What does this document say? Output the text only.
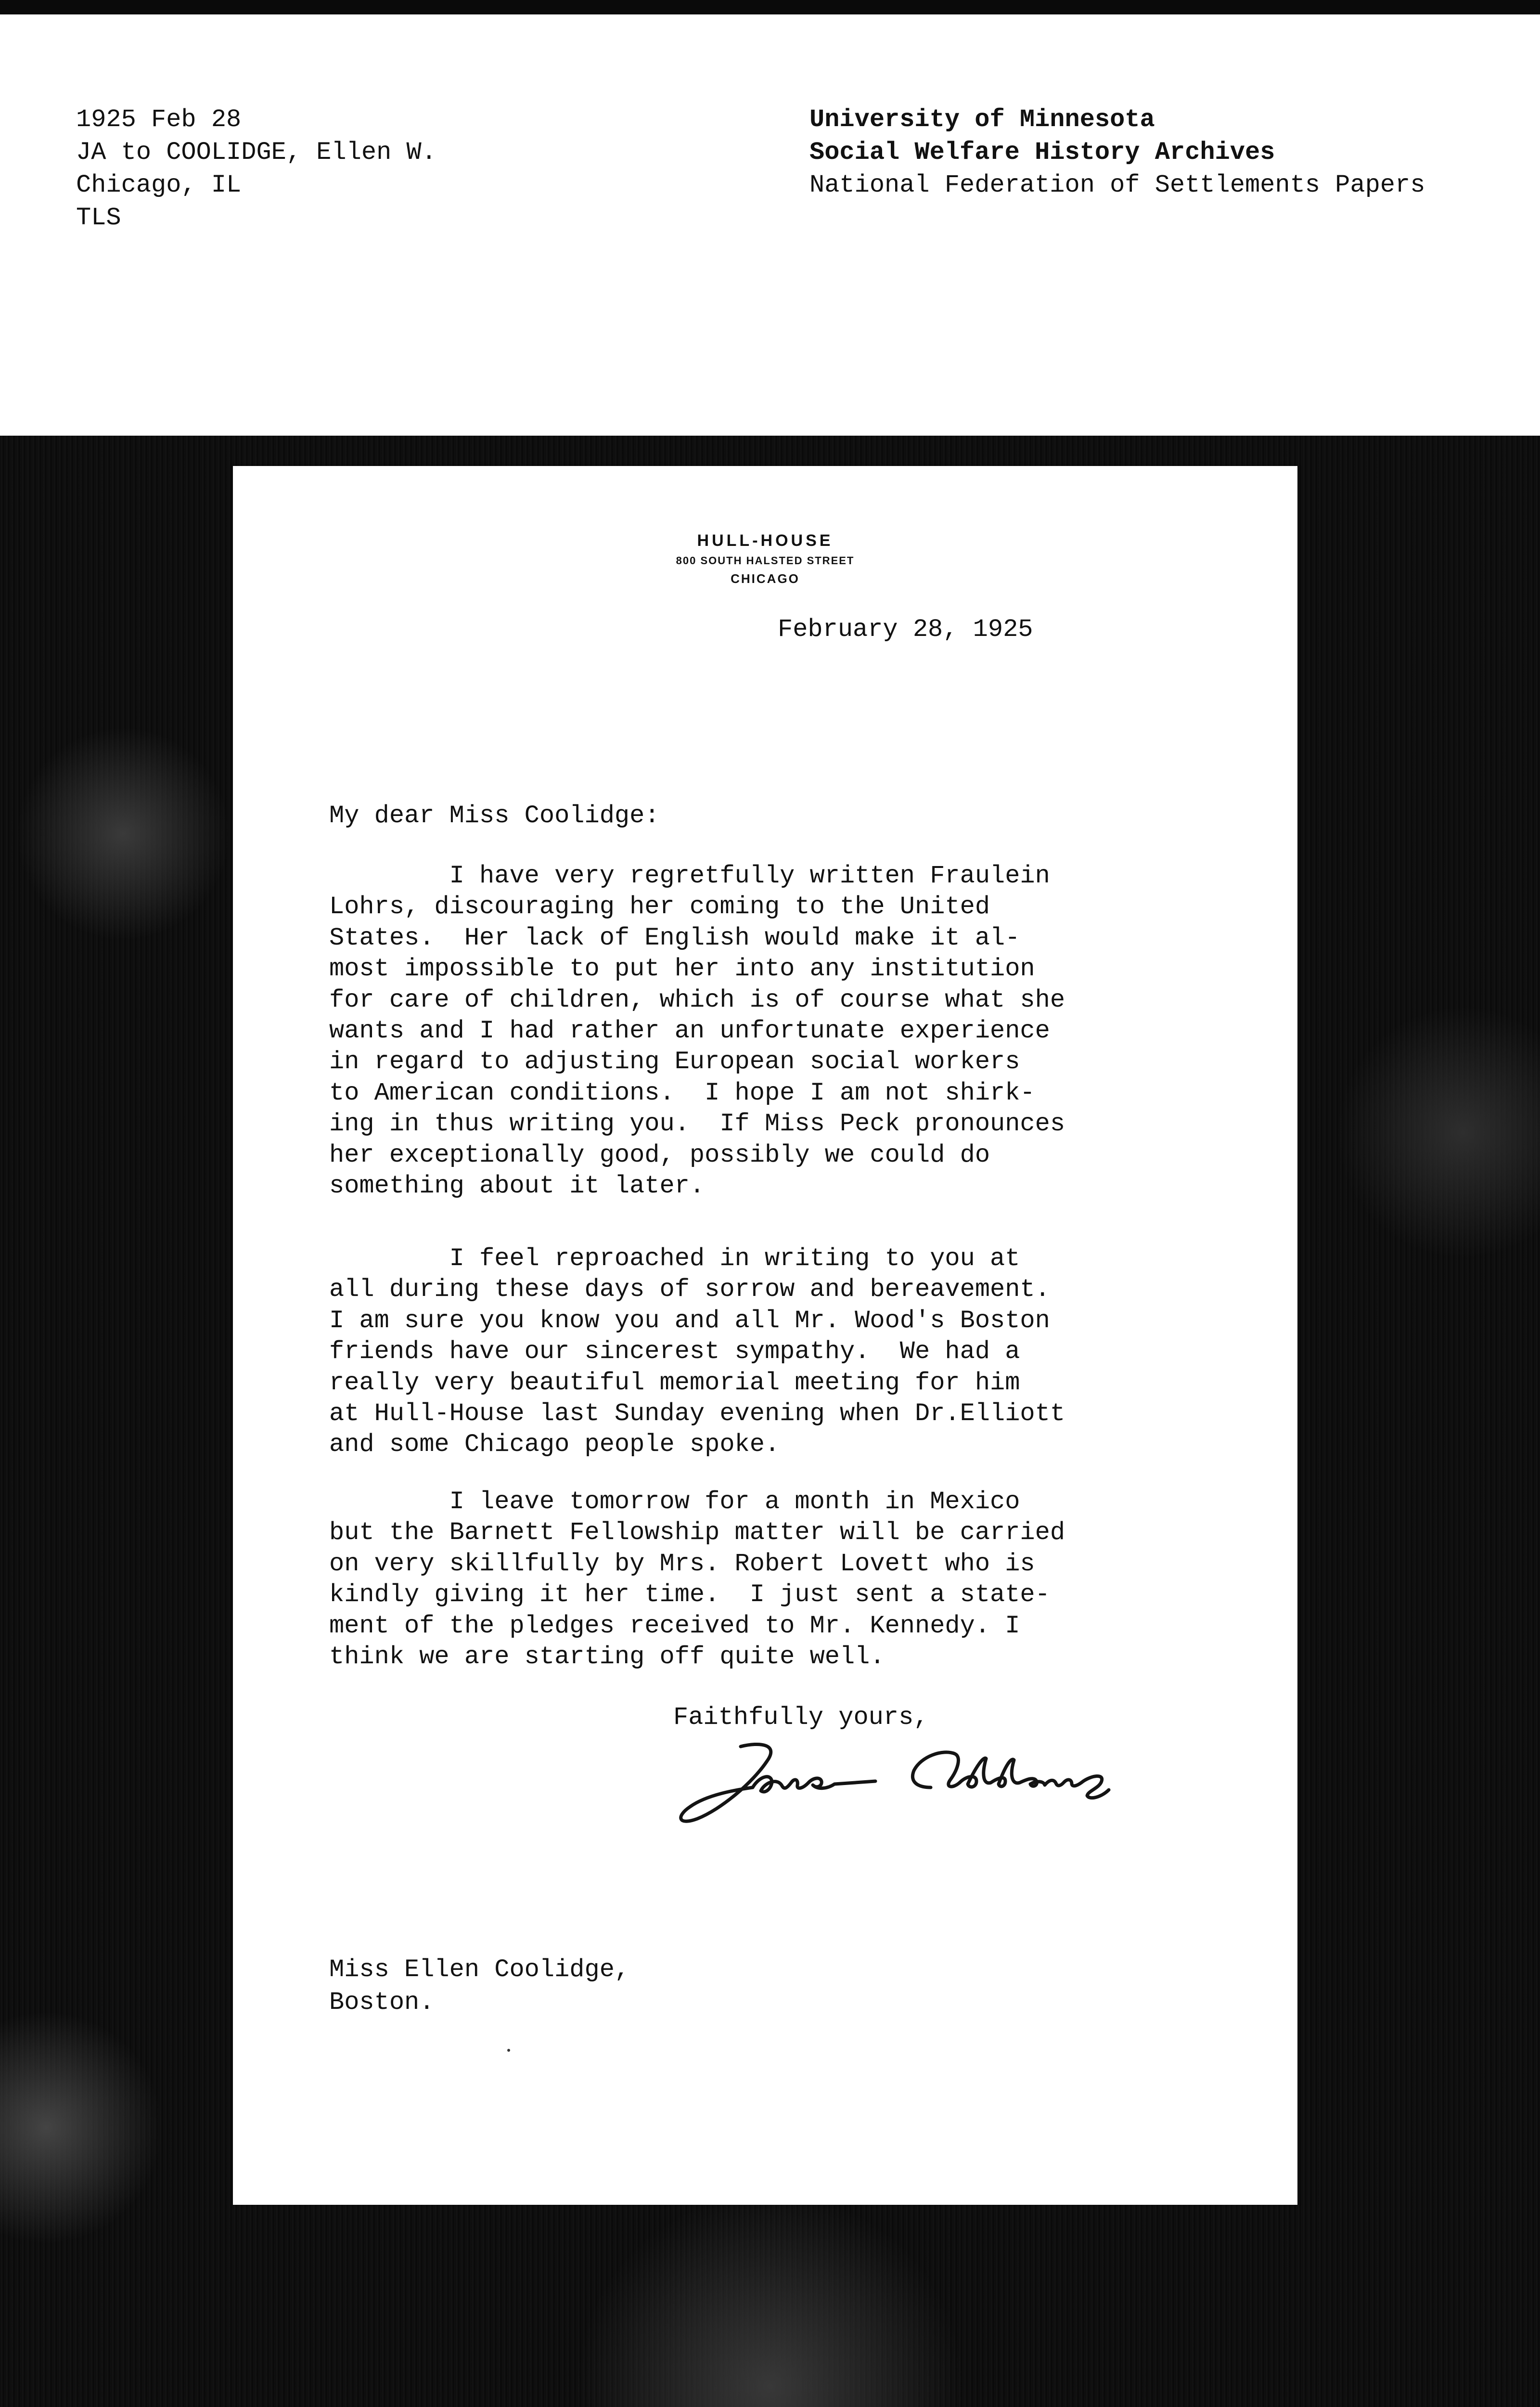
1925 Feb 28
JA to COOLIDGE, Ellen W.
Chicago, IL
TLS
University of Minnesota
Social Welfare History Archives
National Federation of Settlements Papers
HULL-HOUSE
800 SOUTH HALSTED STREET
CHICAGO
February 28, 1925
My dear Miss Coolidge:
I have very regretfully written Fraulein
Lohrs, discouraging her coming to the United
States.  Her lack of English would make it al-
most impossible to put her into any institution
for care of children, which is of course what she
wants and I had rather an unfortunate experience
in regard to adjusting European social workers
to American conditions.  I hope I am not shirk-
ing in thus writing you.  If Miss Peck pronounces
her exceptionally good, possibly we could do
something about it later.
I feel reproached in writing to you at
all during these days of sorrow and bereavement.
I am sure you know you and all Mr. Wood's Boston
friends have our sincerest sympathy.  We had a
really very beautiful memorial meeting for him
at Hull-House last Sunday evening when Dr.Elliott
and some Chicago people spoke.
I leave tomorrow for a month in Mexico
but the Barnett Fellowship matter will be carried
on very skillfully by Mrs. Robert Lovett who is
kindly giving it her time.  I just sent a state-
ment of the pledges received to Mr. Kennedy. I
think we are starting off quite well.
Faithfully yours,
Miss Ellen Coolidge,
Boston.
